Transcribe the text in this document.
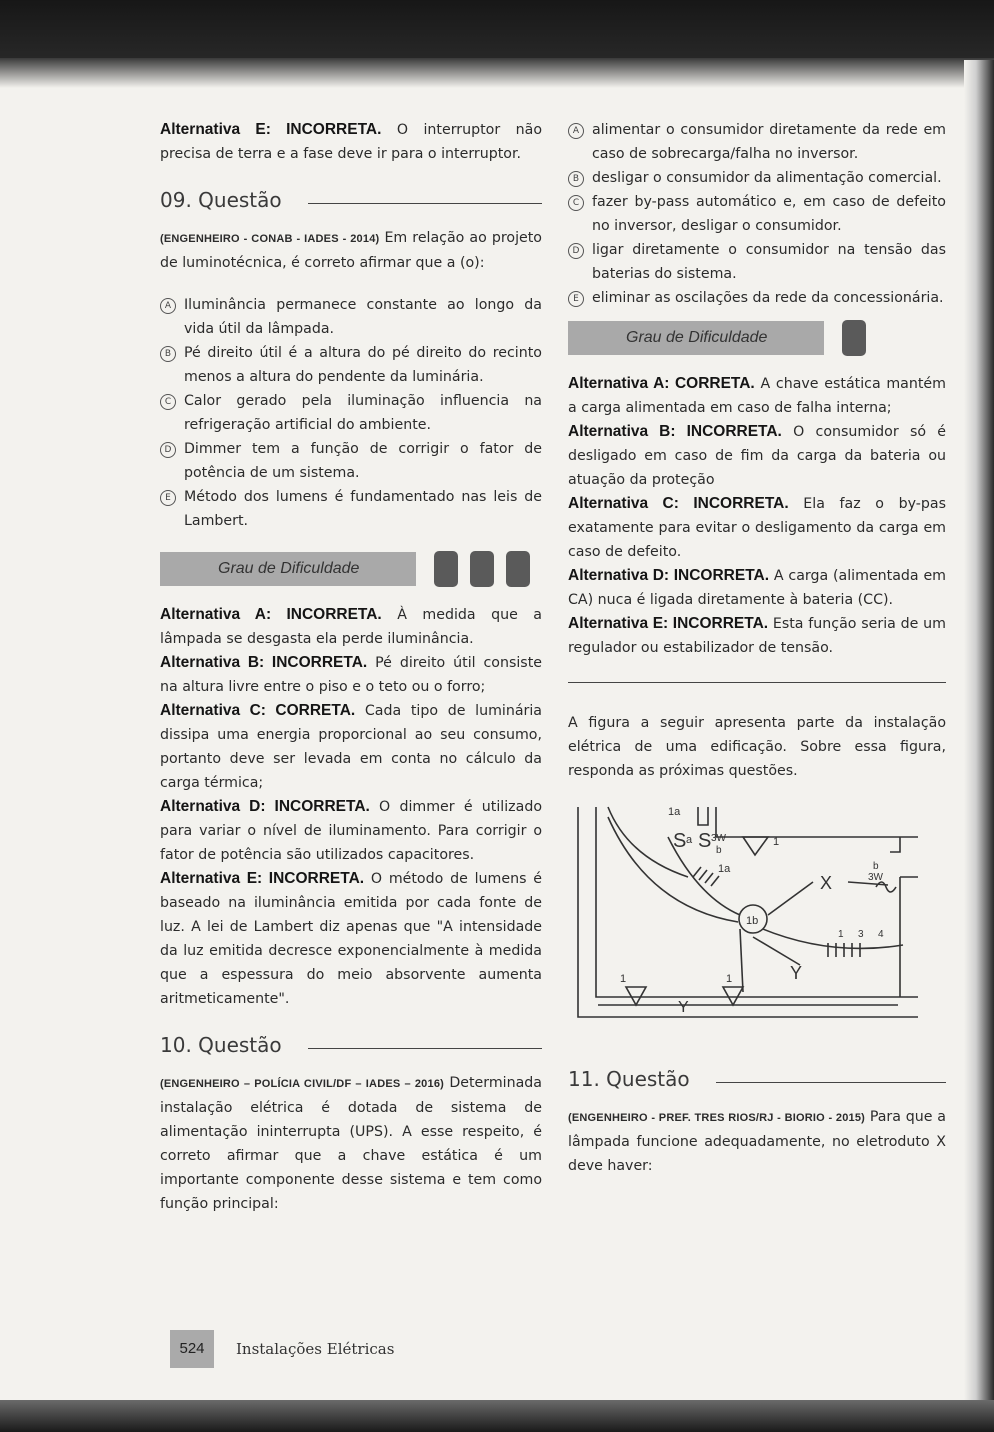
Alternativa E: INCORRETA. O interruptor não precisa de terra e a fase deve ir para o interruptor.

09. Questão

(ENGENHEIRO - CONAB - IADES - 2014) Em relação ao projeto de luminotécnica, é correto afirmar que a (o):

A Iluminância permanece constante ao longo da vida útil da lâmpada.
B Pé direito útil é a altura do pé direito do recinto menos a altura do pendente da luminária.
C Calor gerado pela iluminação influencia na refrigeração artificial do ambiente.
D Dimmer tem a função de corrigir o fator de potência de um sistema.
E Método dos lumens é fundamentado nas leis de Lambert.
Grau de Dificuldade

Alternativa A: INCORRETA. À medida que a lâmpada se desgasta ela perde iluminância.

Alternativa B: INCORRETA. Pé direito útil consiste na altura livre entre o piso e o teto ou o forro;

Alternativa C: CORRETA. Cada tipo de luminária dissipa uma energia proporcional ao seu consumo, portanto deve ser levada em conta no cálculo da carga térmica;

Alternativa D: INCORRETA. O dimmer é utilizado para variar o nível de iluminamento. Para corrigir o fator de potência são utilizados capacitores.

Alternativa E: INCORRETA. O método de lumens é baseado na iluminância emitida por cada fonte de luz. A lei de Lambert diz apenas que "A intensidade da luz emitida decresce exponencialmente à medida que a espessura do meio absorvente aumenta aritmeticamente".

10. Questão

(ENGENHEIRO – POLÍCIA CIVIL/DF – IADES – 2016) Determinada instalação elétrica é dotada de sistema de alimentação ininterrupta (UPS). A esse respeito, é correto afirmar que a chave estática é um importante componente desse sistema e tem como função principal:

A alimentar o consumidor diretamente da rede em caso de sobrecarga/falha no inversor.
B desligar o consumidor da alimentação comercial.
C fazer by-pass automático e, em caso de defeito no inversor, desligar o consumidor.
D ligar diretamente o consumidor na tensão das baterias do sistema.
E eliminar as oscilações da rede da concessionária.
Grau de Dificuldade

Alternativa A: CORRETA. A chave estática mantém a carga alimentada em caso de falha interna;

Alternativa B: INCORRETA. O consumidor só é desligado em caso de fim da carga da bateria ou atuação da proteção

Alternativa C: INCORRETA. Ela faz o by-pas exatamente para evitar o desligamento da carga em caso de defeito.

Alternativa D: INCORRETA. A carga (alimentada em CA) nuca é ligada diretamente à bateria (CC).

Alternativa E: INCORRETA. Esta função seria de um regulador ou estabilizador de tensão.

A figura a seguir apresenta parte da instalação elétrica de uma edificação. Sobre essa figura, responda as próximas questões.

1b
S a S 3W
b
1a
1a
1
X
b
3W
1 3 4
Y
Y
1	1
11. Questão

(ENGENHEIRO - PREF. TRES RIOS/RJ - BIORIO - 2015) Para que a lâmpada funcione adequadamente, no eletroduto X deve haver:

524	Instalações Elétricas
